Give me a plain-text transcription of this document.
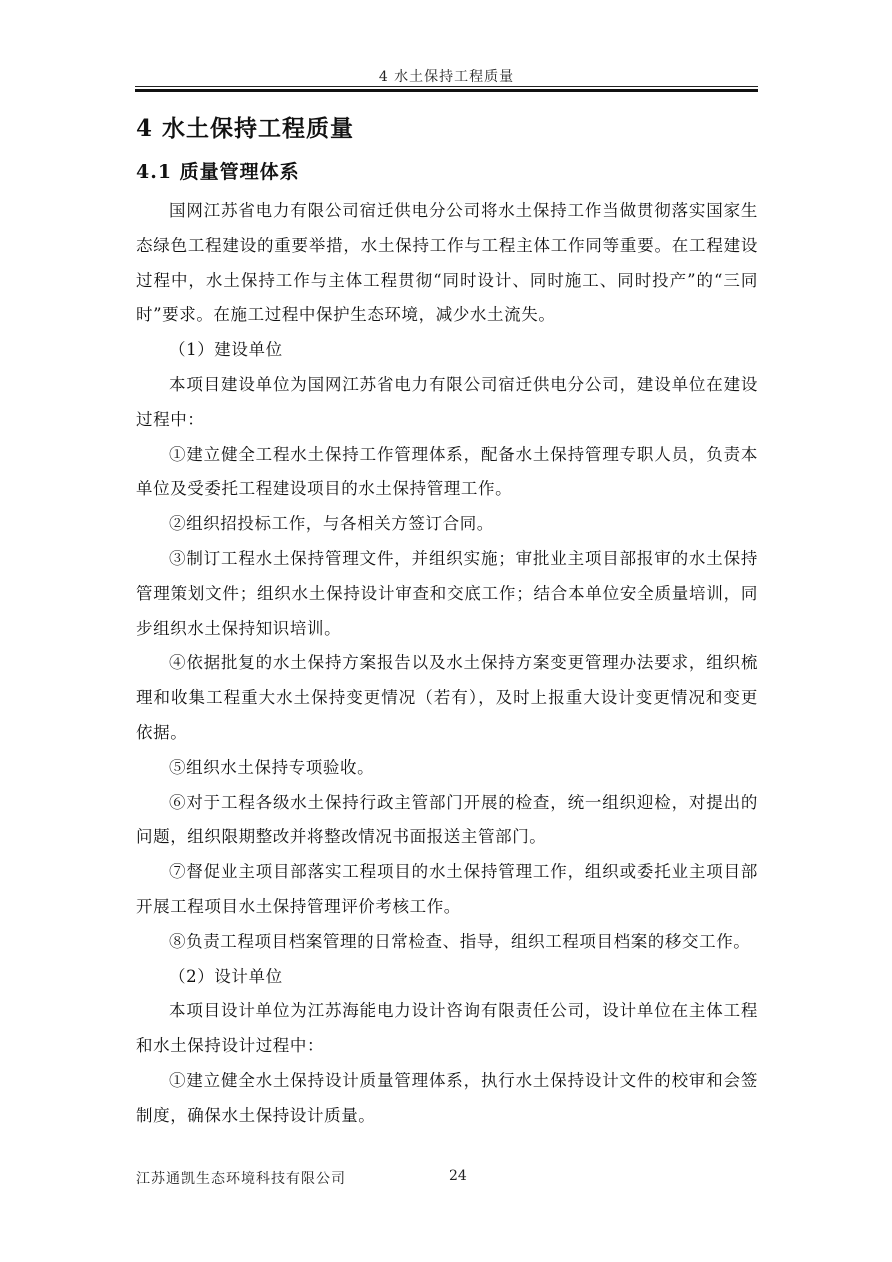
4 水土保持工程质量
4 水土保持工程质量
4.1 质量管理体系

国网江苏省电力有限公司宿迁供电分公司将水土保持工作当做贯彻落实国家生态绿色工程建设的重要举措，水土保持工作与工程主体工作同等重要。在工程建设过程中，水土保持工作与主体工程贯彻“同时设计、同时施工、同时投产”的“三同时”要求。在施工过程中保护生态环境，减少水土流失。

（1）建设单位

本项目建设单位为国网江苏省电力有限公司宿迁供电分公司，建设单位在建设过程中：

①建立健全工程水土保持工作管理体系，配备水土保持管理专职人员，负责本单位及受委托工程建设项目的水土保持管理工作。

②组织招投标工作，与各相关方签订合同。

③制订工程水土保持管理文件，并组织实施；审批业主项目部报审的水土保持管理策划文件；组织水土保持设计审查和交底工作；结合本单位安全质量培训，同步组织水土保持知识培训。

④依据批复的水土保持方案报告以及水土保持方案变更管理办法要求，组织梳理和收集工程重大水土保持变更情况（若有），及时上报重大设计变更情况和变更依据。

⑤组织水土保持专项验收。

⑥对于工程各级水土保持行政主管部门开展的检查，统一组织迎检，对提出的问题，组织限期整改并将整改情况书面报送主管部门。

⑦督促业主项目部落实工程项目的水土保持管理工作，组织或委托业主项目部开展工程项目水土保持管理评价考核工作。

⑧负责工程项目档案管理的日常检查、指导，组织工程项目档案的移交工作。

（2）设计单位

本项目设计单位为江苏海能电力设计咨询有限责任公司，设计单位在主体工程和水土保持设计过程中：

①建立健全水土保持设计质量管理体系，执行水土保持设计文件的校审和会签制度，确保水土保持设计质量。

江苏通凯生态环境科技有限公司	24
